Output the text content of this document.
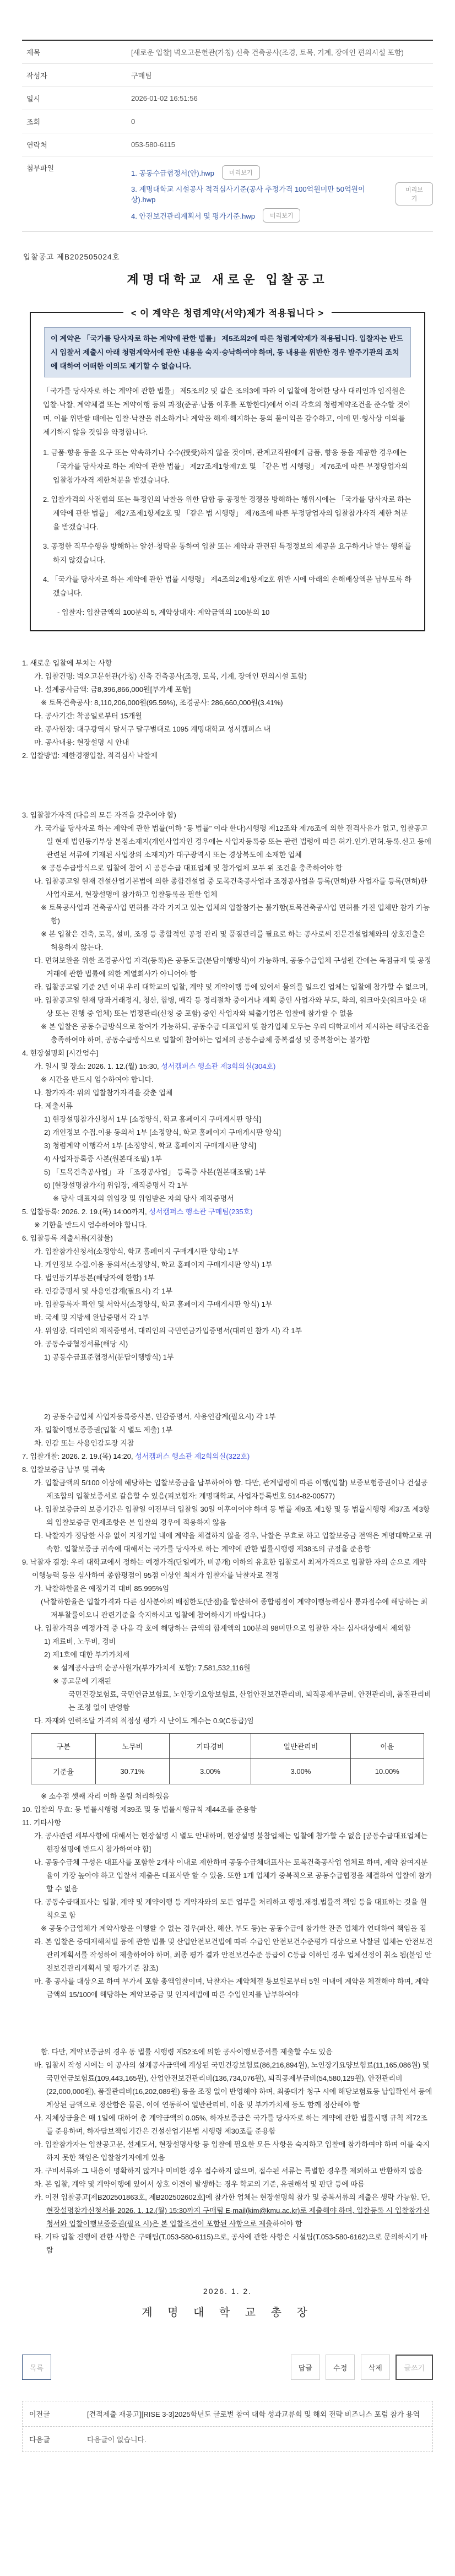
제목	[새로운 입찰] 벽오고문헌관(가칭) 신축 건축공사(조경, 토목, 기계, 장애인 편의시설 포함)
작성자	구매팀
일시	2026-01-02 16:51:56
조회	0
연락처	053-580-6115
첨부파일	
1. 공동수급협정서(안).hwp	미리보기
3. 계명대학교 시설공사 적격심사기준(공사 추정가격 100억원미만 50억원이상).hwp
미리보기
4. 안전보건관리계획서 및 평가기준.hwp	미리보기
입찰공고 제B202505024호
계명대학교 새로운 입찰공고
< 이 계약은 청렴계약(서약)제가 적용됩니다 >
이 계약은 「국가를 당사자로 하는 계약에 관한 법률」 제5조의2에 따른 청렴계약제가 적용됩니다. 입찰자는 반드시 입찰서 제출시 아래 청렴계약서에 관한 내용을 숙지·승낙하여야 하며, 동 내용을 위반한 경우 발주기관의 조치에 대하여 어떠한 이의도 제기할 수 없습니다.

「국가를 당사자로 하는 계약에 관한 법률」 제5조의2 및 같은 조의3에 따라 이 입찰에 참여한 당사 대리인과 임직원은 입찰·낙찰, 계약체결 또는 계약이행 등의 과정(준공·납품 이후를 포함한다)에서 아래 각호의 청렴계약조건을 준수할 것이며, 이를 위반할 때에는 입찰·낙찰을 취소하거나 계약을 해제·해지하는 등의 불이익을 감수하고, 이에 민·형사상 이의를 제기하지 않을 것임을 약정합니다.

1. 금품·향응 등을 요구 또는 약속하거나 수수(授受)하지 않을 것이며, 관계교직원에게 금품, 향응 등을 제공한 경우에는 「국가를 당사자로 하는 계약에 관한 법률」 제27조제1항제7호 및 「같은 법 시행령」 제76조에 따른 부정당업자의 입찰참가자격 제한처분을 받겠습니다.
2. 입찰가격의 사전협의 또는 특정인의 낙찰을 위한 담합 등 공정한 경쟁을 방해하는 행위시에는 「국가를 당사자로 하는 계약에 관한 법률」 제27조제1항제2호 및 「같은 법 시행령」 제76조에 따른 부정당업자의 입찰참가자격 제한 처분을 받겠습니다.
3. 공정한 직무수행을 방해하는 알선·청탁을 통하여 입찰 또는 계약과 관련된 특정정보의 제공을 요구하거나 받는 행위를 하지 않겠습니다.
4. 「국가를 당사자로 하는 계약에 관한 법률 시행령」 제4조의2제1항제2호 위반 시에 아래의 손해배상액을 납부토록 하겠습니다.
- 입찰자: 입찰금액의 100분의 5, 계약상대자: 계약금액의 100분의 10
1. 새로운 입찰에 부치는 사항
가. 입찰건명: 벽오고문헌관(가칭) 신축 건축공사(조경, 토목, 기계, 장애인 편의시설 포함)
나. 설계공사금액: 금8,396,866,000원[부가세 포함]
※ 토목건축공사: 8,110,206,000원(95.59%), 조경공사: 286,660,000원(3.41%)
다. 공사기간: 착공일로부터 15개월
라. 공사현장: 대구광역시 달서구 달구벌대로 1095 계명대학교 성서캠퍼스 내
마. 공사내용: 현장설명 시 안내
2. 입찰방법: 제한경쟁입찰, 적격심사 낙찰제
3. 입찰참가자격 (다음의 모든 자격을 갖추어야 함)
가. 국가를 당사자로 하는 계약에 관한 법률(이하 "동 법률" 이라 한다)시행령 제12조와 제76조에 의한 결격사유가 없고, 입찰공고일 현재 법인등기부상 본점소재지(개인사업자인 경우에는 사업자등록증 또는 관련 법령에 따른 허가.인가.면허.등록.신고 등에 관련된 서류에 기재된 사업장의 소재지)가 대구광역시 또는 경상북도에 소재한 업체
※ 공동수급방식으로 입찰에 참여 시 공동수급 대표업체 및 참가업체 모두 위 조건을 충족하여야 함
나. 입찰공고일 현재 건설산업기본법에 의한 종합건설업 중 토목건축공사업과 조경공사업을 등록(면허)한 사업자를 등록(면허)한 사업자로서, 현장설명에 참가하고 입찰등록을 필한 업체
※ 토목공사업과 건축공사업 면허를 각각 가지고 있는 업체의 입찰참가는 불가함(토목건축공사업 면허를 가진 업체만 참가 가능함)
※ 본 입찰은 건축, 토목, 설비, 조경 등 종합적인 공정 관리 및 품질관리를 필요로 하는 공사로써 전문건설업체와의 상호진출은 허용하지 않는다.
다. 면허보완을 위한 조경공사업 자격(등록)은 공동도급(분담이행방식)이 가능하며, 공동수급업체 구성원 간에는 독점규제 및 공정거래에 관한 법률에 의한 계열회사가 아니어야 함
라. 입찰공고일 기준 2년 이내 우리 대학교의 입찰, 계약 및 계약이행 등에 있어서 물의를 일으킨 업체는 입찰에 참가할 수 없으며,
마. 입찰공고일 현재 당좌거래정지, 청산, 합병, 매각 등 정리절차 중이거나 계획 중인 사업자와 부도, 화의, 워크아웃(워크아웃 대상 또는 진행 중 업체) 또는 법정관리(신청 중 포함) 중인 사업자와 퇴출기업은 입찰에 참가할 수 없음
※ 본 입찰은 공동수급방식으로 참여가 가능하되, 공동수급 대표업체 및 참가업체 모두는 우리 대학교에서 제시하는 해당조건을 충족하여야 하며, 공동수급방식으로 입찰에 참여하는 업체의 공동수급체 중복결성 및 중복참여는 불가함
4. 현장설명회 [시간엄수]
가. 일시 및 장소: 2026. 1. 12.(월) 15:30, 성서캠퍼스 행소관 제3회의실(304호)
※ 시간을 반드시 엄수하여야 합니다.
나. 참가자격: 위의 입찰참가자격을 갖춘 업체
다. 제출서류
1) 현장설명참가신청서 1부 [소정양식, 학교 홈페이지 구매게시판 양식]
2) 개인정보 수집.이용 동의서 1부 [소정양식, 학교 홈페이지 구매게시판 양식]
3) 청렴계약 이행각서 1부 [소정양식, 학교 홈페이지 구매게시판 양식]
4) 사업자등록증 사본(원본대조필) 1부
5) 「토목건축공사업」 과 「조경공사업」 등록증 사본(원본대조필) 1부
6) [현장설명참가자] 위임장, 재직증명서 각 1부
※ 당사 대표자의 위임장 및 위임받은 자의 당사 재직증명서
5. 입찰등록: 2026. 2. 19.(목) 14:00까지, 성서캠퍼스 행소관 구매팀(235호)
※ 기한을 반드시 엄수하여야 합니다.
6. 입찰등록 제출서류(지참물)
가. 입찰참가신청서(소정양식, 학교 홈페이지 구매게시판 양식) 1부
나. 개인정보 수집.이용 동의서(소정양식, 학교 홈페이지 구매게시판 양식) 1부
다. 법인등기부등본(해당자에 한함) 1부
라. 인감증명서 및 사용인감계(필요시) 각 1부
마. 입찰등록자 확인 및 서약서(소정양식, 학교 홈페이지 구매게시판 양식) 1부
바. 국세 및 지방세 완납증명서 각 1부
사. 위임장, 대리인의 재직증명서, 대리인의 국민연금가입증명서(대리인 참가 시) 각 1부
아. 공동수급협정서류(해당 시)
1) 공동수급표준협정서(분담이행방식) 1부
2) 공동수급업체 사업자등록증사본, 인감증명서, 사용인감계(필요시) 각 1부
자. 입찰이행보증증권(입찰 시 별도 제출) 1부
차. 인감 또는 사용인감도장 지참
7. 입찰개찰: 2026. 2. 19.(목) 14:20, 성서캠퍼스 행소관 제2회의실(322호)
8. 입찰보증금 납부 및 귀속
가. 입찰금액의 5/100 이상에 해당하는 입찰보증금을 납부하여야 함. 다만, 관계법령에 따른 이행(입찰) 보증보험증권이나 건설공제조합의 입찰보증서로 갈음할 수 있음(피보험자: 계명대학교, 사업자등록번호 514-82-00577)
나. 입찰보증금의 보증기간은 입찰일 이전부터 입찰일 30일 이후이어야 하며 동 법률 제9조 제1항 및 동 법률시행령 제37조 제3항의 입찰보증금 면제조항은 본 입찰의 경우에 적용하지 않음
다. 낙찰자가 정당한 사유 없이 지정기일 내에 계약을 체결하지 않을 경우, 낙찰은 무효로 하고 입찰보증금 전액은 계명대학교로 귀속함. 입찰보증금 귀속에 대해서는 국가를 당사자로 하는 계약에 관한 법률시행령 제38조의 규정을 준용함
9. 낙찰자 결정: 우리 대학교에서 정하는 예정가격(단일예가, 비공개) 이하의 유효한 입찰로서 최저가격으로 입찰한 자의 순으로 계약이행능력 등을 심사하여 종합평점이 95점 이상인 최저가 입찰자를 낙찰자로 결정
가. 낙찰하한율은 예정가격 대비 85.995%임
(낙찰하한율은 입찰가격과 다른 심사분야의 배점한도(만점)을 합산하여 종합평점이 계약이행능력심사 통과점수에 해당하는 최저투찰률이오니 관련기준을 숙지하시고 입찰에 참여하시기 바랍니다.)
나. 입찰가격을 예정가격 중 다음 각 호에 해당하는 금액의 합계액의 100분의 98미만으로 입찰한 자는 심사대상에서 제외함
1) 재료비, 노무비, 경비
2) 제1호에 대한 부가가치세
※ 설계공사금액 순공사원가(부가가치세 포함): 7,581,532,116원
※ 공고문에 기재된
국민건강보험료, 국민연금보험료, 노인장기요양보험료, 산업안전보건관리비, 퇴직공제부금비, 안전관리비, 품질관리비는 조정 없이 반영함
다. 자재와 인력조달 가격의 적정성 평가 시 난이도 계수는 0.9(C등급)임
구분	노무비	기타경비	일반관리비	이윤
기준율	30.71%	3.00%	3.00%	10.00%
※ 소수점 셋째 자리 이하 올림 처리하였음
10. 입찰의 무효: 동 법률시행령 제39조 및 동 법률시행규칙 제44조를 준용함
11. 기타사항
가. 공사관련 세부사항에 대해서는 현장설명 시 별도 안내하며, 현장설명 불참업체는 입찰에 참가할 수 없음 [공동수급대표업체는 현장설명에 반드시 참가하여야 함]
나. 공동수급체 구성은 대표사를 포함한 2개사 이내로 제한하며 공동수급체대표사는 토목건축공사업 업체로 하며, 계약 참여지분율이 가장 높아야 하고 입찰서 제출은 대표사만 할 수 있음. 또한 1개 업체가 중복적으로 공동수급협정을 체결하여 입찰에 참가할 수 없음
다. 공동수급대표사는 입찰, 계약 및 계약이행 등 계약자와의 모든 업무를 처리하고 행정.재정.법률적 책임 등을 대표하는 것을 원칙으로 함
※ 공동수급업체가 계약사항을 이행할 수 없는 경우(파산, 해산, 부도 등)는 공동수급에 참가한 잔존 업체가 연대하여 책임을 짐
라. 본 입찰은 중대재해처벌 등에 관한 법률 및 산업안전보건법에 따라 수급인 안전보건수준평가 대상으로 낙찰된 업체는 안전보건관리계획서를 작성하여 제출하여야 하며, 최종 평가 결과 안전보건수준 등급이 C등급 이하인 경우 업체선정이 취소 됨(붙임 안전보건관리계획서 및 평가기준 참조)
마. 총 공사를 대상으로 하여 부가세 포함 총액입찰이며, 낙찰자는 계약체결 통보일로부터 5일 이내에 계약을 체결해야 하며, 계약금액의 15/100에 해당하는 계약보증금 및 인지세법에 따른 수입인지를 납부하여야
함. 다만, 계약보증금의 경우 동 법률 시행령 제52조에 의한 공사이행보증서를 제출할 수도 있음
바. 입찰서 작성 시에는 이 공사의 설계공사금액에 계상된 국민건강보험료(86,216,894원), 노인장기요양보험료(11,165,086원) 및 국민연금보험료(109,443,165원), 산업안전보건관리비(136,734,076원), 퇴직공제부금비(54,580,129원), 안전관리비(22,000,000원), 품질관리비(16,202,089원) 등을 조정 없이 반영해야 하며, 최종대가 청구 시에 해당보험료등 납입확인서 등에 계상된 금액으로 정산함은 물론, 이에 연동하여 일반관리비, 이윤 및 부가가치세 등도 함께 정산해야 함
사. 지체상금율은 매 1일에 대하여 총 계약금액의 0.05%, 하자보증금은 국가를 당사자로 하는 계약에 관한 법률시행 규칙 제72조를 준용하며, 하자담보책임기간은 건설산업기본법 시행령 제30조를 준용함
아. 입찰참가자는 입찰공고문, 설계도서, 현장설명사항 등 입찰에 필요한 모든 사항을 숙지하고 입찰에 참가하여야 하며 이를 숙지하지 못한 책임은 입찰참가자에게 있음
자. 구비서류와 그 내용이 명확하지 않거나 미비한 경우 접수하지 않으며, 접수된 서류는 특별한 경우를 제외하고 반환하지 않음
차. 본 입찰, 계약 및 계약이행에 있어서 상호 이견이 발생하는 경우 학교의 기준, 유권해석 및 판단 등에 따름
카. 이전 입찰공고[제B202501863호, 제B202502602호]에 참가한 업체는 현장설명회 참가 및 중복서류의 제출은 생략 가능함. 단, 현장설명참가신청서를 2026. 1. 12.(월) 15:30까지 구매팀 E-mail(kim@kmu.ac.kr)로 제출해야 하며, 입찰등록 시 입찰참가신청서와 입찰이행보증증권(필요 시)은 본 입찰조건이 포함된 사항으로 제출하여야 함
타. 기타 입찰 진행에 관한 사항은 구매팀(T.053-580-6115)으로, 공사에 관한 사항은 시설팀(T.053-580-6162)으로 문의하시기 바람
2026. 1. 2.
계 명 대 학 교 총 장
목록	답글	수정	삭제	글쓰기
이전글	[견적제출 재공고][RISE 3-3]2025학년도 글로벌 참여 대학 성과교류회 및 해외 전략 비즈니스 포럼 참가 용역
다음글	다음글이 없습니다.
